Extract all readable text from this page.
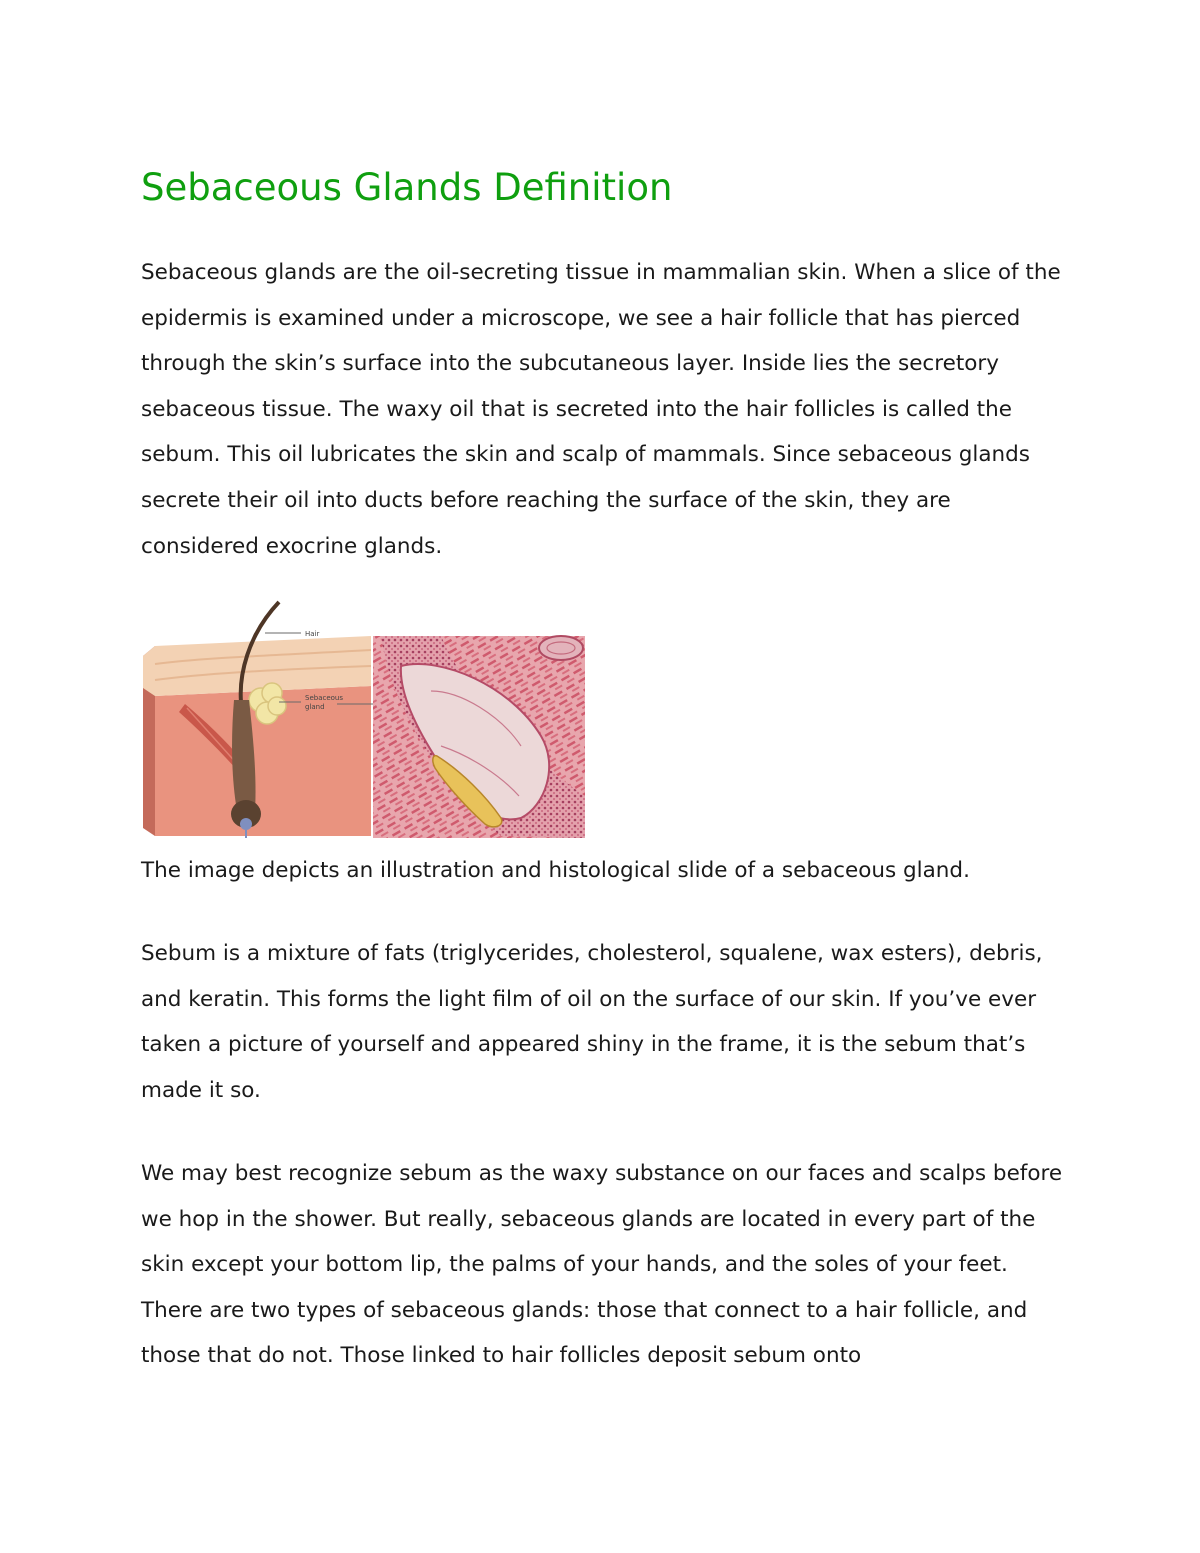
Sebaceous Glands Definition

Sebaceous glands are the oil-secreting tissue in mammalian skin. When a slice of the epidermis is examined under a microscope, we see a hair follicle that has pierced through the skin’s surface into the subcutaneous layer. Inside lies the secretory sebaceous tissue. The waxy oil that is secreted into the hair follicles is called the sebum. This oil lubricates the skin and scalp of mammals. Since sebaceous glands secrete their oil into ducts before reaching the surface of the skin, they are considered exocrine glands.

Hair
Sebaceous
gland

The image depicts an illustration and histological slide of a sebaceous gland.

Sebum is a mixture of fats (triglycerides, cholesterol, squalene, wax esters), debris, and keratin. This forms the light film of oil on the surface of our skin. If you’ve ever taken a picture of yourself and appeared shiny in the frame, it is the sebum that’s made it so.

We may best recognize sebum as the waxy substance on our faces and scalps before we hop in the shower. But really, sebaceous glands are located in every part of the skin except your bottom lip, the palms of your hands, and the soles of your feet. There are two types of sebaceous glands: those that connect to a hair follicle, and those that do not. Those linked to hair follicles deposit sebum onto
